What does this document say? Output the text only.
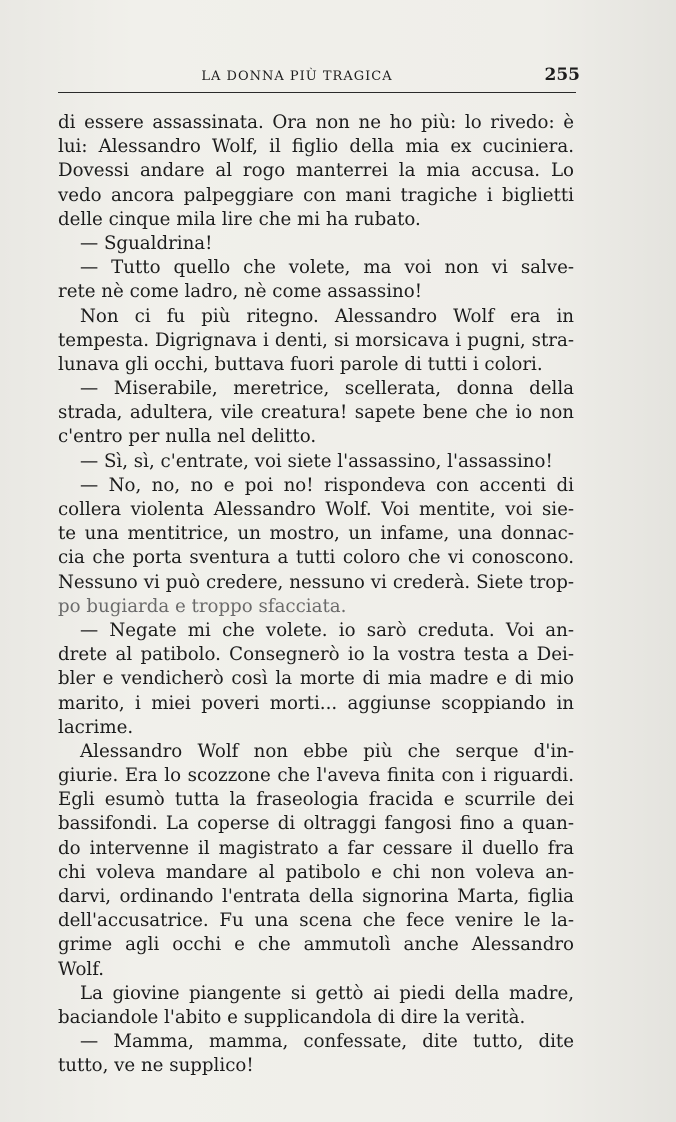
LA DONNA PIÙ TRAGICA	255
di essere assassinata. Ora non ne ho più: lo rivedo: è
lui: Alessandro Wolf, il figlio della mia ex cuciniera.
Dovessi andare al rogo manterrei la mia accusa. Lo
vedo ancora palpeggiare con mani tragiche i biglietti
delle cinque mila lire che mi ha rubato.
— Sgualdrina!
— Tutto quello che volete, ma voi non vi salve-
rete nè come ladro, nè come assassino!
Non ci fu più ritegno. Alessandro Wolf era in
tempesta. Digrignava i denti, si morsicava i pugni, stra-
lunava gli occhi, buttava fuori parole di tutti i colori.
— Miserabile, meretrice, scellerata, donna della
strada, adultera, vile creatura! sapete bene che io non
c'entro per nulla nel delitto.
— Sì, sì, c'entrate, voi siete l'assassino, l'assassino!
— No, no, no e poi no! rispondeva con accenti di
collera violenta Alessandro Wolf. Voi mentite, voi sie-
te una mentitrice, un mostro, un infame, una donnac-
cia che porta sventura a tutti coloro che vi conoscono.
Nessuno vi può credere, nessuno vi crederà. Siete trop-
po bugiarda e troppo sfacciata.
— Negate mi che volete. io sarò creduta. Voi an-
drete al patibolo. Consegnerò io la vostra testa a Dei-
bler e vendicherò così la morte di mia madre e di mio
marito, i miei poveri morti... aggiunse scoppiando in
lacrime.
Alessandro Wolf non ebbe più che serque d'in-
giurie. Era lo scozzone che l'aveva finita con i riguardi.
Egli esumò tutta la fraseologia fracida e scurrile dei
bassifondi. La coperse di oltraggi fangosi fino a quan-
do intervenne il magistrato a far cessare il duello fra
chi voleva mandare al patibolo e chi non voleva an-
darvi, ordinando l'entrata della signorina Marta, figlia
dell'accusatrice. Fu una scena che fece venire le la-
grime agli occhi e che ammutolì anche Alessandro
Wolf.
La giovine piangente si gettò ai piedi della madre,
baciandole l'abito e supplicandola di dire la verità.
— Mamma, mamma, confessate, dite tutto, dite
tutto, ve ne supplico!
